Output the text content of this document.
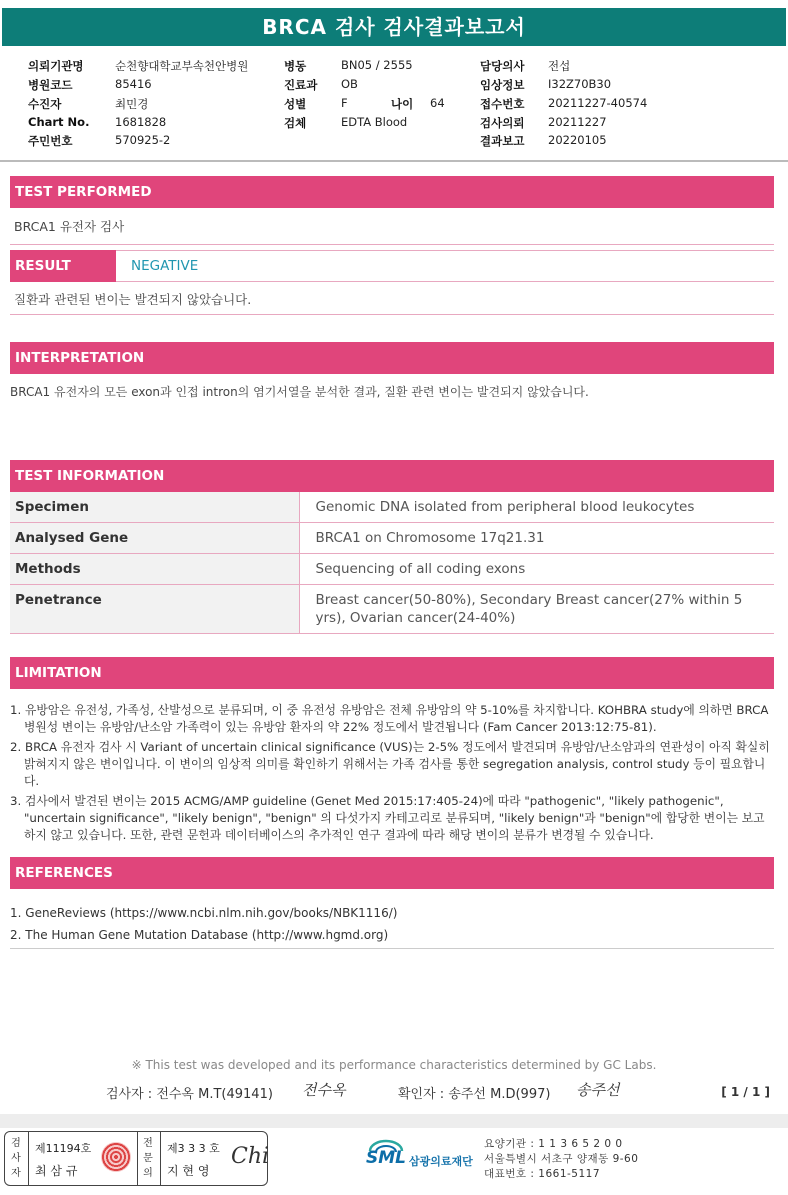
BRCA 검사 검사결과보고서
의뢰기관명	순천향대학교부속천안병원
병원코드	85416
수진자	최민경
Chart No. 1681828
주민번호	570925-2
병동	BN05 / 2555
진료과 OB
성별	F	나이 64
검체	EDTA Blood
담당의사 전섭
임상정보 I32Z70B30
접수번호 20211227-40574
검사의뢰 20211227
결과보고 20220105
TEST PERFORMED
BRCA1 유전자 검사
RESULT	NEGATIVE
질환과 관련된 변이는 발견되지 않았습니다.
INTERPRETATION
BRCA1 유전자의 모든 exon과 인접 intron의 염기서열을 분석한 결과, 질환 관련 변이는 발견되지 않았습니다.
TEST INFORMATION
Specimen	Genomic DNA isolated from peripheral blood leukocytes
Analysed Gene	BRCA1 on Chromosome 17q21.31
Methods	Sequencing of all coding exons
Penetrance	Breast cancer(50-80%), Secondary Breast cancer(27% within 5 yrs), Ovarian cancer(24-40%)
LIMITATION
1. 유방암은 유전성, 가족성, 산발성으로 분류되며, 이 중 유전성 유방암은 전체 유방암의 약 5-10%를 차지합니다. KOHBRA study에 의하면 BRCA 병원성 변이는 유방암/난소암 가족력이 있는 유방암 환자의 약 22% 정도에서 발견됩니다 (Fam Cancer 2013:12:75-81).
2. BRCA 유전자 검사 시 Variant of uncertain clinical significance (VUS)는 2-5% 정도에서 발견되며 유방암/난소암과의 연관성이 아직 확실히 밝혀지지 않은 변이입니다. 이 변이의 임상적 의미를 확인하기 위해서는 가족 검사를 통한 segregation analysis, control study 등이 필요합니다.
3. 검사에서 발견된 변이는 2015 ACMG/AMP guideline (Genet Med 2015:17:405-24)에 따라 "pathogenic", "likely pathogenic", "uncertain significance", "likely benign", "benign" 의 다섯가지 카테고리로 분류되며, "likely benign"과 "benign"에 합당한 변이는 보고하지 않고 있습니다. 또한, 관련 문헌과 데이터베이스의 추가적인 연구 결과에 따라 해당 변이의 분류가 변경될 수 있습니다.
REFERENCES
1. GeneReviews (https://www.ncbi.nlm.nih.gov/books/NBK1116/)
2. The Human Gene Mutation Database (http://www.hgmd.org)
※ This test was developed and its performance characteristics determined by GC Labs.
검사자 : 전수옥 M.T(49141) 전수옥	확인자 : 송주선 M.D(997) 송주선	[ 1 / 1 ]
검
사
자
제11194호
최 삼 규
전
문
의
제3 3 3 호
지 현 영
Chi	SML 삼광의료재단
요양기관 : 1 1 3 6 5 2 0 0
서울특별시 서초구 양재동 9-60
대표번호 : 1661-5117
